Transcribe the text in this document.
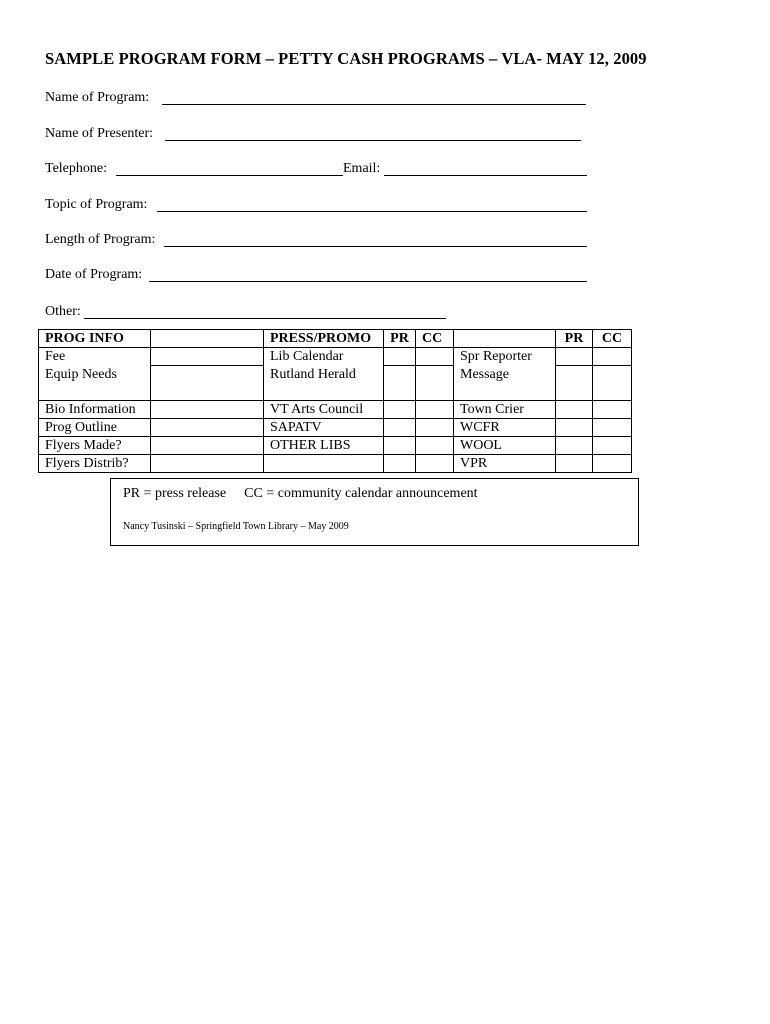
SAMPLE PROGRAM FORM – PETTY CASH PROGRAMS – VLA- MAY 12, 2009
Name of Program:
Name of Presenter:
Telephone:	Email:
Topic of Program:
Length of Program:
Date of Program:
Other:
PROG INFO		PRESS/PROMO	PR	CC		PR	CC
Fee		Lib Calendar			Spr Reporter		
Equip Needs		Rutland Herald			Message		

Bio Information		VT Arts Council			Town Crier		
Prog Outline		SAPATV			WCFR		
Flyers Made?		OTHER LIBS			WOOL		
Flyers Distrib?					VPR		
PR = press release CC = community calendar announcement
Nancy Tusinski – Springfield Town Library – May 2009
